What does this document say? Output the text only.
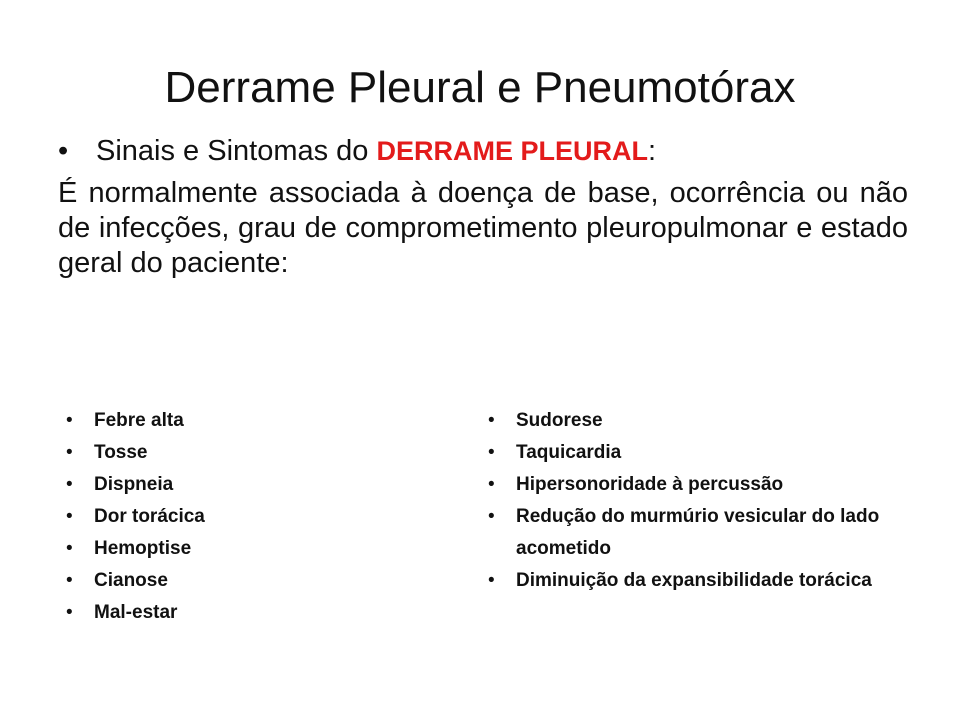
Derrame Pleural e Pneumotórax
• Sinais e Sintomas do DERRAME PLEURAL:

É normalmente associada à doença de base, ocorrência ou não de infecções, grau de comprometimento pleuropulmonar e estado geral do paciente:

• Febre alta
• Tosse
• Dispneia
• Dor torácica
• Hemoptise
• Cianose
• Mal-estar
• Sudorese
• Taquicardia
• Hipersonoridade à percussão
• Redução do murmúrio vesicular do lado acometido
• Diminuição da expansibilidade torácica
